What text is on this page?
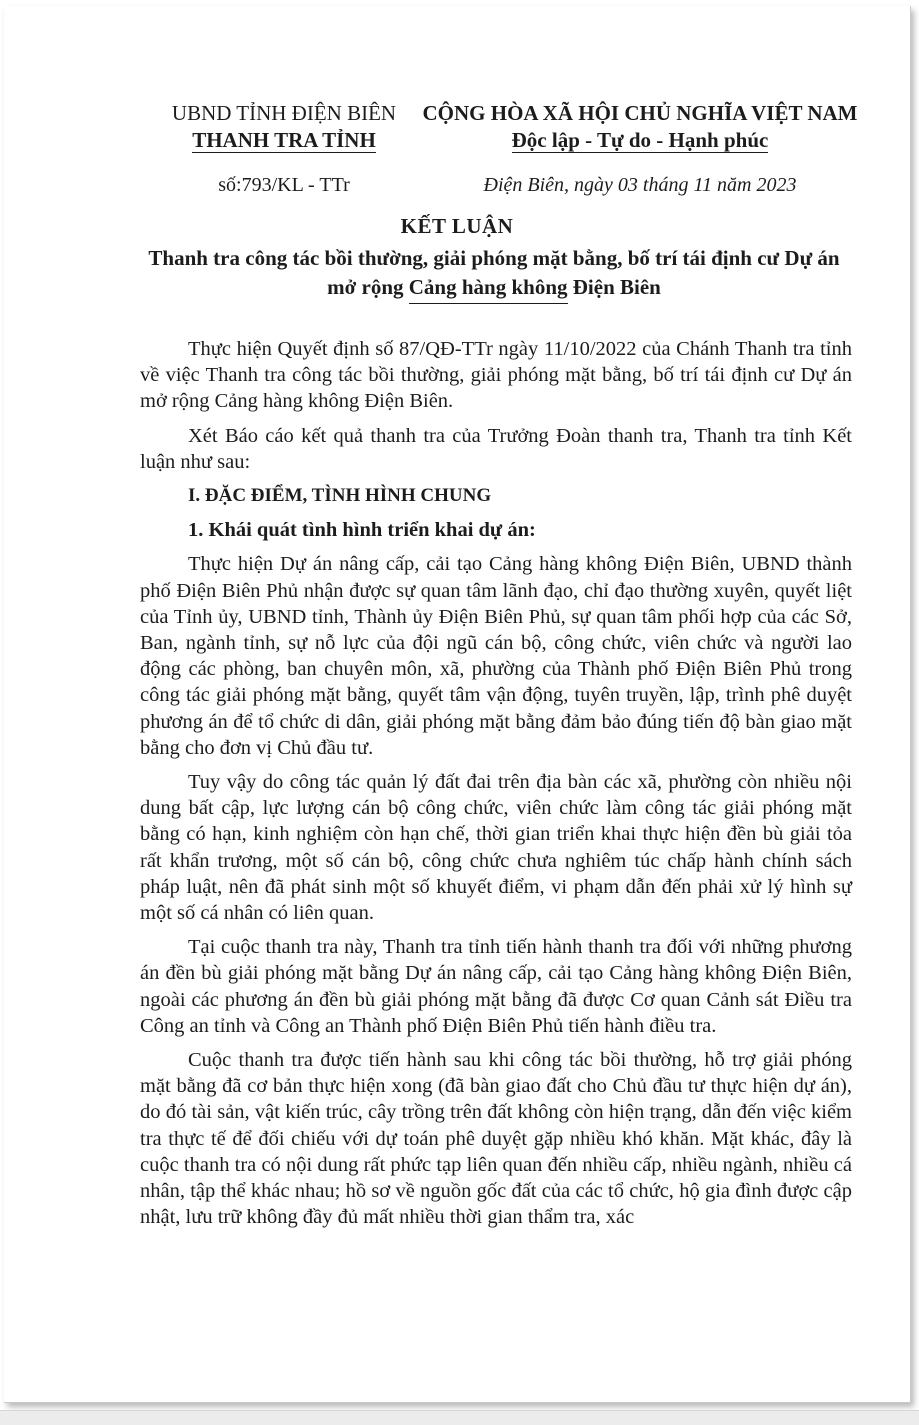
UBND TỈNH ĐIỆN BIÊN
THANH TRA TỈNH
CỘNG HÒA XÃ HỘI CHỦ NGHĨA VIỆT NAM
Độc lập - Tự do - Hạnh phúc
số:793/KL - TTr	Điện Biên, ngày 03 tháng 11 năm 2023
KẾT LUẬN
Thanh tra công tác bồi thường, giải phóng mặt bằng, bố trí tái định cư Dự án
mở rộng Cảng hàng không Điện Biên

Thực hiện Quyết định số 87/QĐ-TTr ngày 11/10/2022 của Chánh Thanh tra tỉnh về việc Thanh tra công tác bồi thường, giải phóng mặt bằng, bố trí tái định cư Dự án mở rộng Cảng hàng không Điện Biên.

Xét Báo cáo kết quả thanh tra của Trưởng Đoàn thanh tra, Thanh tra tỉnh Kết luận như sau:

I. ĐẶC ĐIỂM, TÌNH HÌNH CHUNG
1. Khái quát tình hình triển khai dự án:

Thực hiện Dự án nâng cấp, cải tạo Cảng hàng không Điện Biên, UBND thành phố Điện Biên Phủ nhận được sự quan tâm lãnh đạo, chỉ đạo thường xuyên, quyết liệt của Tỉnh ủy, UBND tỉnh, Thành ủy Điện Biên Phủ, sự quan tâm phối hợp của các Sở, Ban, ngành tỉnh, sự nỗ lực của đội ngũ cán bộ, công chức, viên chức và người lao động các phòng, ban chuyên môn, xã, phường của Thành phố Điện Biên Phủ trong công tác giải phóng mặt bằng, quyết tâm vận động, tuyên truyền, lập, trình phê duyệt phương án để tổ chức di dân, giải phóng mặt bằng đảm bảo đúng tiến độ bàn giao mặt bằng cho đơn vị Chủ đầu tư.

Tuy vậy do công tác quản lý đất đai trên địa bàn các xã, phường còn nhiều nội dung bất cập, lực lượng cán bộ công chức, viên chức làm công tác giải phóng mặt bằng có hạn, kinh nghiệm còn hạn chế, thời gian triển khai thực hiện đền bù giải tỏa rất khẩn trương, một số cán bộ, công chức chưa nghiêm túc chấp hành chính sách pháp luật, nên đã phát sinh một số khuyết điểm, vi phạm dẫn đến phải xử lý hình sự một số cá nhân có liên quan.

Tại cuộc thanh tra này, Thanh tra tỉnh tiến hành thanh tra đối với những phương án đền bù giải phóng mặt bằng Dự án nâng cấp, cải tạo Cảng hàng không Điện Biên, ngoài các phương án đền bù giải phóng mặt bằng đã được Cơ quan Cảnh sát Điều tra Công an tỉnh và Công an Thành phố Điện Biên Phủ tiến hành điều tra.

Cuộc thanh tra được tiến hành sau khi công tác bồi thường, hỗ trợ giải phóng mặt bằng đã cơ bản thực hiện xong (đã bàn giao đất cho Chủ đầu tư thực hiện dự án), do đó tài sản, vật kiến trúc, cây trồng trên đất không còn hiện trạng, dẫn đến việc kiểm tra thực tế để đối chiếu với dự toán phê duyệt gặp nhiều khó khăn. Mặt khác, đây là cuộc thanh tra có nội dung rất phức tạp liên quan đến nhiều cấp, nhiều ngành, nhiều cá nhân, tập thể khác nhau; hồ sơ về nguồn gốc đất của các tổ chức, hộ gia đình được cập nhật, lưu trữ không đầy đủ mất nhiều thời gian thẩm tra, xác
